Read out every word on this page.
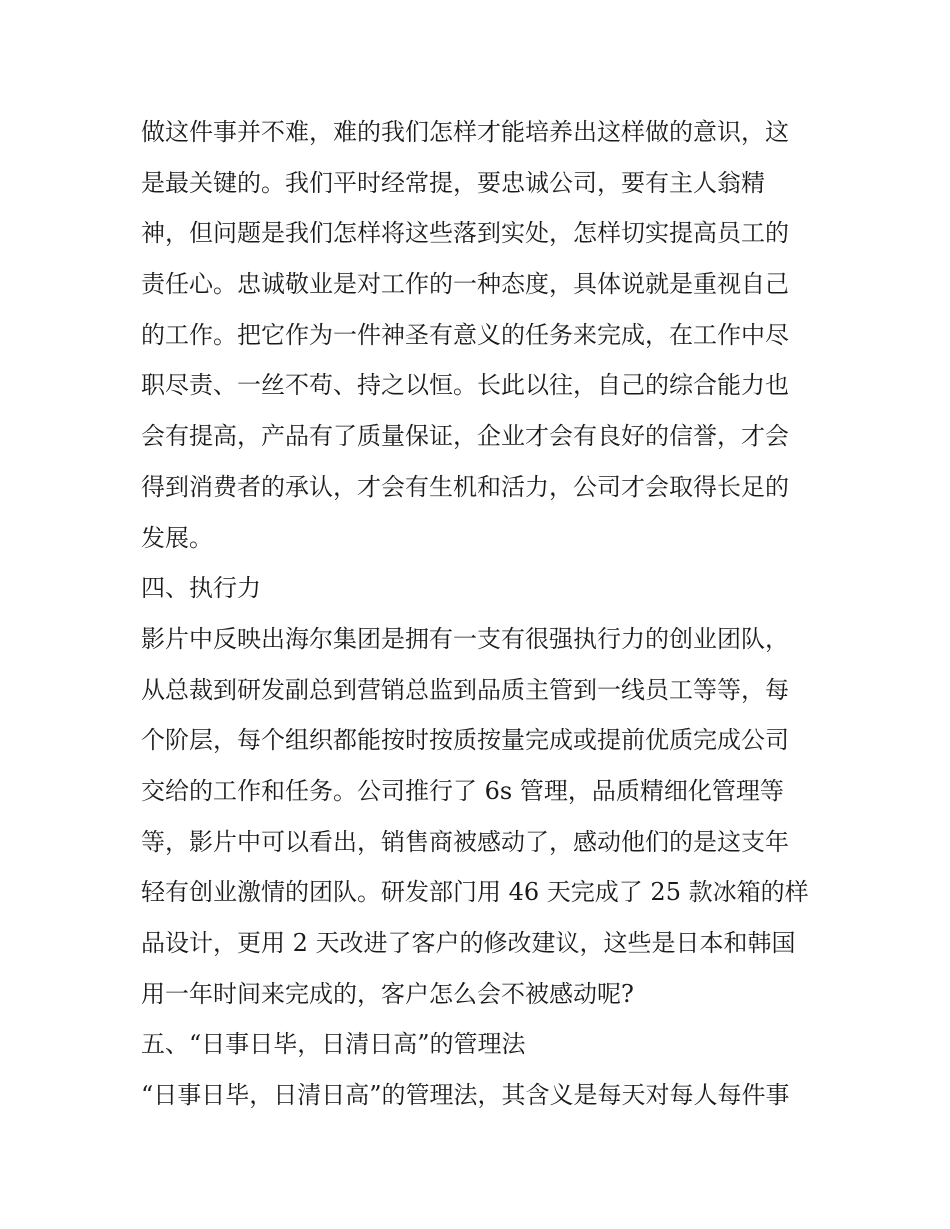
做这件事并不难，难的我们怎样才能培养出这样做的意识，这

是最关键的。我们平时经常提，要忠诚公司，要有主人翁精

神，但问题是我们怎样将这些落到实处，怎样切实提高员工的

责任心。忠诚敬业是对工作的一种态度，具体说就是重视自己

的工作。把它作为一件神圣有意义的任务来完成，在工作中尽

职尽责、一丝不苟、持之以恒。长此以往，自己的综合能力也

会有提高，产品有了质量保证，企业才会有良好的信誉，才会

得到消费者的承认，才会有生机和活力，公司才会取得长足的

发展。

四、执行力

影片中反映出海尔集团是拥有一支有很强执行力的创业团队，

从总裁到研发副总到营销总监到品质主管到一线员工等等，每

个阶层，每个组织都能按时按质按量完成或提前优质完成公司

交给的工作和任务。公司推行了 6s 管理，品质精细化管理等

等，影片中可以看出，销售商被感动了，感动他们的是这支年

轻有创业激情的团队。研发部门用 46 天完成了 25 款冰箱的样

品设计，更用 2 天改进了客户的修改建议，这些是日本和韩国

用一年时间来完成的，客户怎么会不被感动呢?

五、“日事日毕，日清日高”的管理法

“日事日毕，日清日高”的管理法，其含义是每天对每人每件事
